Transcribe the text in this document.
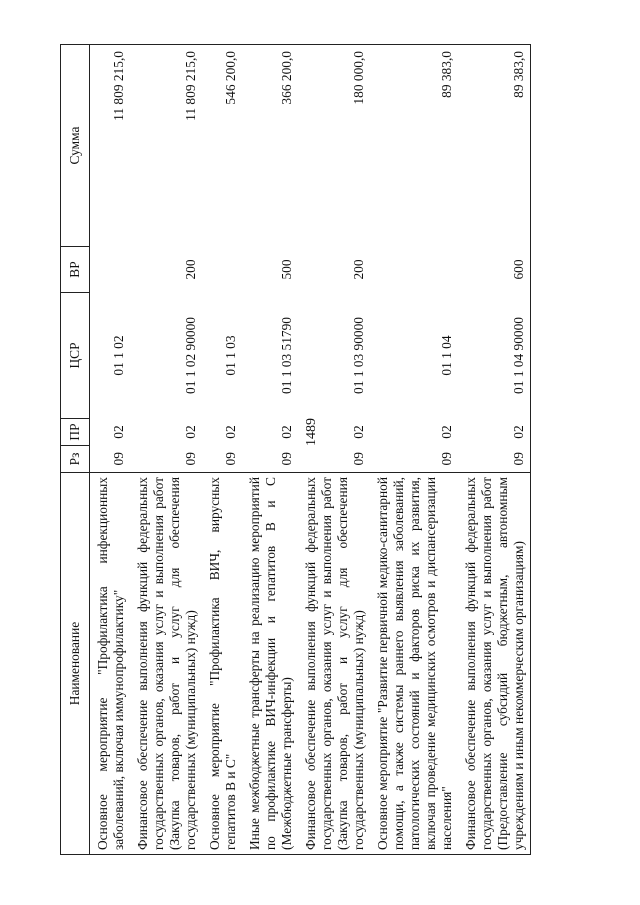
1489
Наименование	Рз	ПР	ЦСР	ВР	Сумма
Основное мероприятие "Профилактика инфекционных заболеваний, включая иммунопрофилактику"	09	02	01 1 02		11 809 215,0
Финансовое обеспечение выполнения функций федеральных государственных органов, оказания услуг и выполнения работ (Закупка товаров, работ и услуг для обеспечения государственных (муниципальных) нужд)	09	02	01 1 02 90000	200	11 809 215,0
Основное мероприятие "Профилактика ВИЧ, вирусных гепатитов В и С"	09	02	01 1 03		546 200,0
Иные межбюджетные трансферты на реализацию мероприятий по профилактике ВИЧ-инфекции и гепатитов В и С (Межбюджетные трансферты)	09	02	01 1 03 51790	500	366 200,0
Финансовое обеспечение выполнения функций федеральных государственных органов, оказания услуг и выполнения работ (Закупка товаров, работ и услуг для обеспечения государственных (муниципальных) нужд)	09	02	01 1 03 90000	200	180 000,0
Основное мероприятие "Развитие первичной медико-санитарной помощи, а также системы раннего выявления заболеваний, патологических состояний и факторов риска их развития, включая проведение медицинских осмотров и диспансеризации населения"	09	02	01 1 04		89 383,0
Финансовое обеспечение выполнения функций федеральных государственных органов, оказания услуг и выполнения работ (Предоставление субсидий бюджетным, автономным учреждениям и иным некоммерческим организациям)	09	02	01 1 04 90000	600	89 383,0
